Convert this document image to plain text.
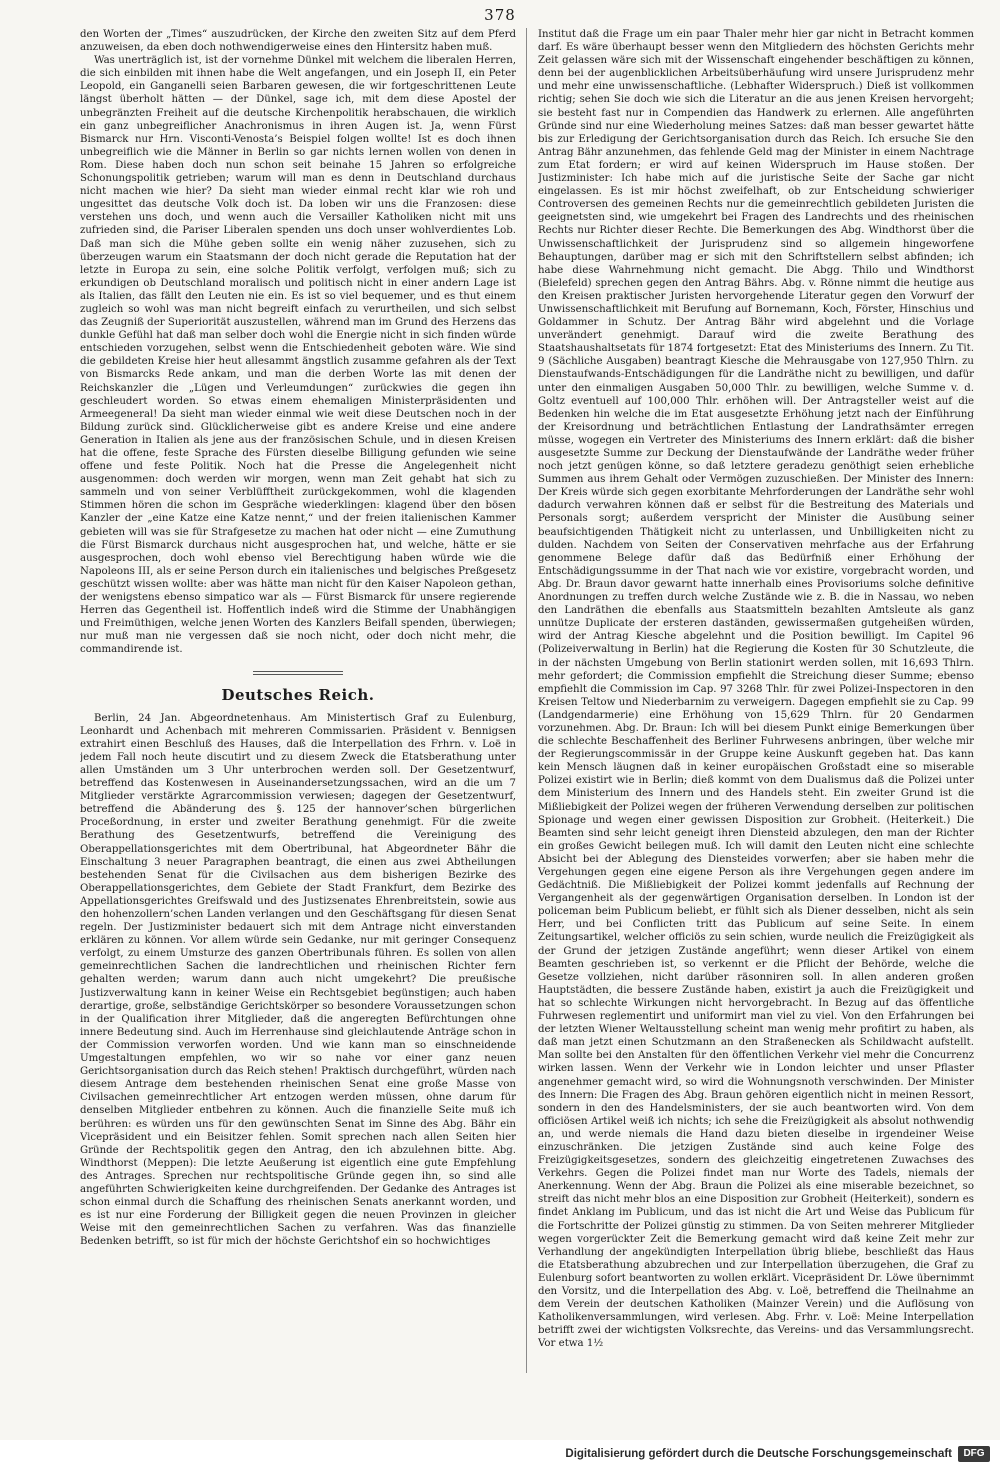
378

den Worten der „Times“ auszudrücken, der Kirche den zweiten Sitz auf dem Pferd anzuweisen, da eben doch nothwendigerweise eines den Hintersitz haben muß.

Was unerträglich ist, ist der vornehme Dünkel mit welchem die liberalen Herren, die sich einbilden mit ihnen habe die Welt angefangen, und ein Joseph II, ein Peter Leopold, ein Ganganelli seien Barbaren gewesen, die wir fortgeschrittenen Leute längst überholt hätten — der Dünkel, sage ich, mit dem diese Apostel der unbegränzten Freiheit auf die deutsche Kirchenpolitik herabschauen, die wirklich ein ganz unbegreiflicher Anachronismus in ihren Augen ist. Ja, wenn Fürst Bismarck nur Hrn. Visconti-Venosta’s Beispiel folgen wollte! Ist es doch ihnen unbegreiflich wie die Männer in Berlin so gar nichts lernen wollen von denen in Rom. Diese haben doch nun schon seit beinahe 15 Jahren so erfolgreiche Schonungspolitik getrieben; warum will man es denn in Deutschland durchaus nicht machen wie hier? Da sieht man wieder einmal recht klar wie roh und ungesittet das deutsche Volk doch ist. Da loben wir uns die Franzosen: diese verstehen uns doch, und wenn auch die Versailler Katholiken nicht mit uns zufrieden sind, die Pariser Liberalen spenden uns doch unser wohlverdientes Lob. Daß man sich die Mühe geben sollte ein wenig näher zuzusehen, sich zu überzeugen warum ein Staatsmann der doch nicht gerade die Reputation hat der letzte in Europa zu sein, eine solche Politik verfolgt, verfolgen muß; sich zu erkundigen ob Deutschland moralisch und politisch nicht in einer andern Lage ist als Italien, das fällt den Leuten nie ein. Es ist so viel bequemer, und es thut einem zugleich so wohl was man nicht begreift einfach zu verurtheilen, und sich selbst das Zeugniß der Superiorität auszustellen, während man im Grund des Herzens das dunkle Gefühl hat daß man selber doch wohl die Energie nicht in sich finden würde entschieden vorzugehen, selbst wenn die Entschiedenheit geboten wäre. Wie sind die gebildeten Kreise hier heut allesammt ängstlich zusamme gefahren als der Text von Bismarcks Rede ankam, und man die derben Worte las mit denen der Reichskanzler die „Lügen und Verleumdungen“ zurückwies die gegen ihn geschleudert worden. So etwas einem ehemaligen Ministerpräsidenten und Armeegeneral! Da sieht man wieder einmal wie weit diese Deutschen noch in der Bildung zurück sind. Glücklicherweise gibt es andere Kreise und eine andere Generation in Italien als jene aus der französischen Schule, und in diesen Kreisen hat die offene, feste Sprache des Fürsten dieselbe Billigung gefunden wie seine offene und feste Politik. Noch hat die Presse die Angelegenheit nicht ausgenommen: doch werden wir morgen, wenn man Zeit gehabt hat sich zu sammeln und von seiner Verblüfftheit zurückgekommen, wohl die klagenden Stimmen hören die schon im Gespräche wiederklingen: klagend über den bösen Kanzler der „eine Katze eine Katze nennt,“ und der freien italienischen Kammer gebieten will was sie für Strafgesetze zu machen hat oder nicht — eine Zumuthung die Fürst Bismarck durchaus nicht ausgesprochen hat, und welche, hätte er sie ausgesprochen, doch wohl ebenso viel Berechtigung haben würde wie die Napoleons III, als er seine Person durch ein italienisches und belgisches Preßgesetz geschützt wissen wollte: aber was hätte man nicht für den Kaiser Napoleon gethan, der wenigstens ebenso simpatico war als — Fürst Bismarck für unsere regierende Herren das Gegentheil ist. Hoffentlich indeß wird die Stimme der Unabhängigen und Freimüthigen, welche jenen Worten des Kanzlers Beifall spenden, überwiegen; nur muß man nie vergessen daß sie noch nicht, oder doch nicht mehr, die commandirende ist.

Deutsches Reich.

Berlin, 24 Jan. Abgeordnetenhaus. Am Ministertisch Graf zu Eulenburg, Leonhardt und Achenbach mit mehreren Commissarien. Präsident v. Bennigsen extrahirt einen Beschluß des Hauses, daß die Interpellation des Frhrn. v. Loë in jedem Fall noch heute discutirt und zu diesem Zweck die Etatsberathung unter allen Umständen um 3 Uhr unterbrochen werden soll. Der Gesetzentwurf, betreffend das Kostenwesen in Auseinandersetzungssachen, wird an die um 7 Mitglieder verstärkte Agrarcommission verwiesen; dagegen der Gesetzentwurf, betreffend die Abänderung des §. 125 der hannover’schen bürgerlichen Proceßordnung, in erster und zweiter Berathung genehmigt. Für die zweite Berathung des Gesetzentwurfs, betreffend die Vereinigung des Oberappellationsgerichtes mit dem Obertribunal, hat Abgeordneter Bähr die Einschaltung 3 neuer Paragraphen beantragt, die einen aus zwei Abtheilungen bestehenden Senat für die Civilsachen aus dem bisherigen Bezirke des Oberappellationsgerichtes, dem Gebiete der Stadt Frankfurt, dem Bezirke des Appellationsgerichtes Greifswald und des Justizsenates Ehrenbreitstein, sowie aus den hohenzollern’schen Landen verlangen und den Geschäftsgang für diesen Senat regeln. Der Justizminister bedauert sich mit dem Antrage nicht einverstanden erklären zu können. Vor allem würde sein Gedanke, nur mit geringer Consequenz verfolgt, zu einem Umsturze des ganzen Obertribunals führen. Es sollen von allen gemeinrechtlichen Sachen die landrechtlichen und rheinischen Richter fern gehalten werden; warum dann auch nicht umgekehrt? Die preußische Justizverwaltung kann in keiner Weise ein Rechtsgebiet begünstigen; auch haben derartige, große, selbständige Gerichtskörper so besondere Voraussetzungen schon in der Qualification ihrer Mitglieder, daß die angeregten Befürchtungen ohne innere Bedeutung sind. Auch im Herrenhause sind gleichlautende Anträge schon in der Commission verworfen worden. Und wie kann man so einschneidende Umgestaltungen empfehlen, wo wir so nahe vor einer ganz neuen Gerichtsorganisation durch das Reich stehen! Praktisch durchgeführt, würden nach diesem Antrage dem bestehenden rheinischen Senat eine große Masse von Civilsachen gemeinrechtlicher Art entzogen werden müssen, ohne darum für denselben Mitglieder entbehren zu können. Auch die finanzielle Seite muß ich berühren: es würden uns für den gewünschten Senat im Sinne des Abg. Bähr ein Vicepräsident und ein Beisitzer fehlen. Somit sprechen nach allen Seiten hier Gründe der Rechtspolitik gegen den Antrag, den ich abzulehnen bitte. Abg. Windthorst (Meppen): Die letzte Aeußerung ist eigentlich eine gute Empfehlung des Antrages. Sprechen nur rechtspolitische Gründe gegen ihn, so sind alle angeführten Schwierigkeiten keine durchgreifenden. Der Gedanke des Antrages ist schon einmal durch die Schaffung des rheinischen Senats anerkannt worden, und es ist nur eine Forderung der Billigkeit gegen die neuen Provinzen in gleicher Weise mit den gemeinrechtlichen Sachen zu verfahren. Was das finanzielle Bedenken betrifft, so ist für mich der höchste Gerichtshof ein so hochwichtiges

Institut daß die Frage um ein paar Thaler mehr hier gar nicht in Betracht kommen darf. Es wäre überhaupt besser wenn den Mitgliedern des höchsten Gerichts mehr Zeit gelassen wäre sich mit der Wissenschaft eingehender beschäftigen zu können, denn bei der augenblicklichen Arbeitsüberhäufung wird unsere Jurisprudenz mehr und mehr eine unwissenschaftliche. (Lebhafter Widerspruch.) Dieß ist vollkommen richtig; sehen Sie doch wie sich die Literatur an die aus jenen Kreisen hervorgeht; sie besteht fast nur in Compendien das Handwerk zu erlernen. Alle angeführten Gründe sind nur eine Wiederholung meines Satzes: daß man besser gewartet hätte bis zur Erledigung der Gerichtsorganisation durch das Reich. Ich ersuche Sie den Antrag Bähr anzunehmen, das fehlende Geld mag der Minister in einem Nachtrage zum Etat fordern; er wird auf keinen Widerspruch im Hause stoßen. Der Justizminister: Ich habe mich auf die juristische Seite der Sache gar nicht eingelassen. Es ist mir höchst zweifelhaft, ob zur Entscheidung schwieriger Controversen des gemeinen Rechts nur die gemeinrechtlich gebildeten Juristen die geeignetsten sind, wie umgekehrt bei Fragen des Landrechts und des rheinischen Rechts nur Richter dieser Rechte. Die Bemerkungen des Abg. Windthorst über die Unwissenschaftlichkeit der Jurisprudenz sind so allgemein hingeworfene Behauptungen, darüber mag er sich mit den Schriftstellern selbst abfinden; ich habe diese Wahrnehmung nicht gemacht. Die Abgg. Thilo und Windthorst (Bielefeld) sprechen gegen den Antrag Bährs. Abg. v. Rönne nimmt die heutige aus den Kreisen praktischer Juristen hervorgehende Literatur gegen den Vorwurf der Unwissenschaftlichkeit mit Berufung auf Bornemann, Koch, Förster, Hinschius und Goldammer in Schutz. Der Antrag Bähr wird abgelehnt und die Vorlage unverändert genehmigt. Darauf wird die zweite Berathung des Staatshaushaltsetats für 1874 fortgesetzt: Etat des Ministeriums des Innern. Zu Tit. 9 (Sächliche Ausgaben) beantragt Kiesche die Mehrausgabe von 127,950 Thlrn. zu Dienstaufwands-Entschädigungen für die Landräthe nicht zu bewilligen, und dafür unter den einmaligen Ausgaben 50,000 Thlr. zu bewilligen, welche Summe v. d. Goltz eventuell auf 100,000 Thlr. erhöhen will. Der Antragsteller weist auf die Bedenken hin welche die im Etat ausgesetzte Erhöhung jetzt nach der Einführung der Kreisordnung und beträchtlichen Entlastung der Landrathsämter erregen müsse, wogegen ein Vertreter des Ministeriums des Innern erklärt: daß die bisher ausgesetzte Summe zur Deckung der Dienstaufwände der Landräthe weder früher noch jetzt genügen könne, so daß letztere geradezu genöthigt seien erhebliche Summen aus ihrem Gehalt oder Vermögen zuzuschießen. Der Minister des Innern: Der Kreis würde sich gegen exorbitante Mehrforderungen der Landräthe sehr wohl dadurch verwahren können daß er selbst für die Bestreitung des Materials und Personals sorgt; außerdem verspricht der Minister die Ausübung seiner beaufsichtigenden Thätigkeit nicht zu unterlassen, und Unbilligkeiten nicht zu dulden. Nachdem von Seiten der Conservativen mehrfache aus der Erfahrung genommene Belege dafür daß das Bedürfniß einer Erhöhung der Entschädigungssumme in der That nach wie vor existire, vorgebracht worden, und Abg. Dr. Braun davor gewarnt hatte innerhalb eines Provisoriums solche definitive Anordnungen zu treffen durch welche Zustände wie z. B. die in Nassau, wo neben den Landräthen die ebenfalls aus Staatsmitteln bezahlten Amtsleute als ganz unnütze Duplicate der ersteren daständen, gewissermaßen gutgeheißen würden, wird der Antrag Kiesche abgelehnt und die Position bewilligt. Im Capitel 96 (Polizeiverwaltung in Berlin) hat die Regierung die Kosten für 30 Schutzleute, die in der nächsten Umgebung von Berlin stationirt werden sollen, mit 16,693 Thlrn. mehr gefordert; die Commission empfiehlt die Streichung dieser Summe; ebenso empfiehlt die Commission im Cap. 97 3268 Thlr. für zwei Polizei-Inspectoren in den Kreisen Teltow und Niederbarnim zu verweigern. Dagegen empfiehlt sie zu Cap. 99 (Landgendarmerie) eine Erhöhung von 15,629 Thlrn. für 20 Gendarmen vorzunehmen. Abg. Dr. Braun: Ich will bei diesem Punkt einige Bemerkungen über die schlechte Beschaffenheit des Berliner Fuhrwesens anbringen, über welche mir der Regierungscommissär in der Gruppe keine Auskunft gegeben hat. Das kann kein Mensch läugnen daß in keiner europäischen Großstadt eine so miserable Polizei existirt wie in Berlin; dieß kommt von dem Dualismus daß die Polizei unter dem Ministerium des Innern und des Handels steht. Ein zweiter Grund ist die Mißliebigkeit der Polizei wegen der früheren Verwendung derselben zur politischen Spionage und wegen einer gewissen Disposition zur Grobheit. (Heiterkeit.) Die Beamten sind sehr leicht geneigt ihren Diensteid abzulegen, den man der Richter ein großes Gewicht beilegen muß. Ich will damit den Leuten nicht eine schlechte Absicht bei der Ablegung des Diensteides vorwerfen; aber sie haben mehr die Vergehungen gegen eine eigene Person als ihre Vergehungen gegen andere im Gedächtniß. Die Mißliebigkeit der Polizei kommt jedenfalls auf Rechnung der Vergangenheit als der gegenwärtigen Organisation derselben. In London ist der policeman beim Publicum beliebt, er fühlt sich als Diener desselben, nicht als sein Herr, und bei Conflicten tritt das Publicum auf seine Seite. In einem Zeitungsartikel, welcher officiös zu sein schien, wurde neulich die Freizügigkeit als der Grund der jetzigen Zustände angeführt; wenn dieser Artikel von einem Beamten geschrieben ist, so verkennt er die Pflicht der Behörde, welche die Gesetze vollziehen, nicht darüber räsonniren soll. In allen anderen großen Hauptstädten, die bessere Zustände haben, existirt ja auch die Freizügigkeit und hat so schlechte Wirkungen nicht hervorgebracht. In Bezug auf das öffentliche Fuhrwesen reglementirt und uniformirt man viel zu viel. Von den Erfahrungen bei der letzten Wiener Weltausstellung scheint man wenig mehr profitirt zu haben, als daß man jetzt einen Schutzmann an den Straßenecken als Schildwacht aufstellt. Man sollte bei den Anstalten für den öffentlichen Verkehr viel mehr die Concurrenz wirken lassen. Wenn der Verkehr wie in London leichter und unser Pflaster angenehmer gemacht wird, so wird die Wohnungsnoth verschwinden. Der Minister des Innern: Die Fragen des Abg. Braun gehören eigentlich nicht in meinen Ressort, sondern in den des Handelsministers, der sie auch beantworten wird. Von dem officiösen Artikel weiß ich nichts; ich sehe die Freizügigkeit als absolut nothwendig an, und werde niemals die Hand dazu bieten dieselbe in irgendeiner Weise einzuschränken. Die jetzigen Zustände sind auch keine Folge des Freizügigkeitsgesetzes, sondern des gleichzeitig eingetretenen Zuwachses des Verkehrs. Gegen die Polizei findet man nur Worte des Tadels, niemals der Anerkennung. Wenn der Abg. Braun die Polizei als eine miserable bezeichnet, so streift das nicht mehr blos an eine Disposition zur Grobheit (Heiterkeit), sondern es findet Anklang im Publicum, und das ist nicht die Art und Weise das Publicum für die Fortschritte der Polizei günstig zu stimmen. Da von Seiten mehrerer Mitglieder wegen vorgerückter Zeit die Bemerkung gemacht wird daß keine Zeit mehr zur Verhandlung der angekündigten Interpellation übrig bliebe, beschließt das Haus die Etatsberathung abzubrechen und zur Interpellation überzugehen, die Graf zu Eulenburg sofort beantworten zu wollen erklärt. Vicepräsident Dr. Löwe übernimmt den Vorsitz, und die Interpellation des Abg. v. Loë, betreffend die Theilnahme an dem Verein der deutschen Katholiken (Mainzer Verein) und die Auflösung von Katholikenversammlungen, wird verlesen. Abg. Frhr. v. Loë: Meine Interpellation betrifft zwei der wichtigsten Volksrechte, das Vereins- und das Versammlungsrecht. Vor etwa 1½

Digitalisierung gefördert durch die Deutsche Forschungsgemeinschaft	DFG
